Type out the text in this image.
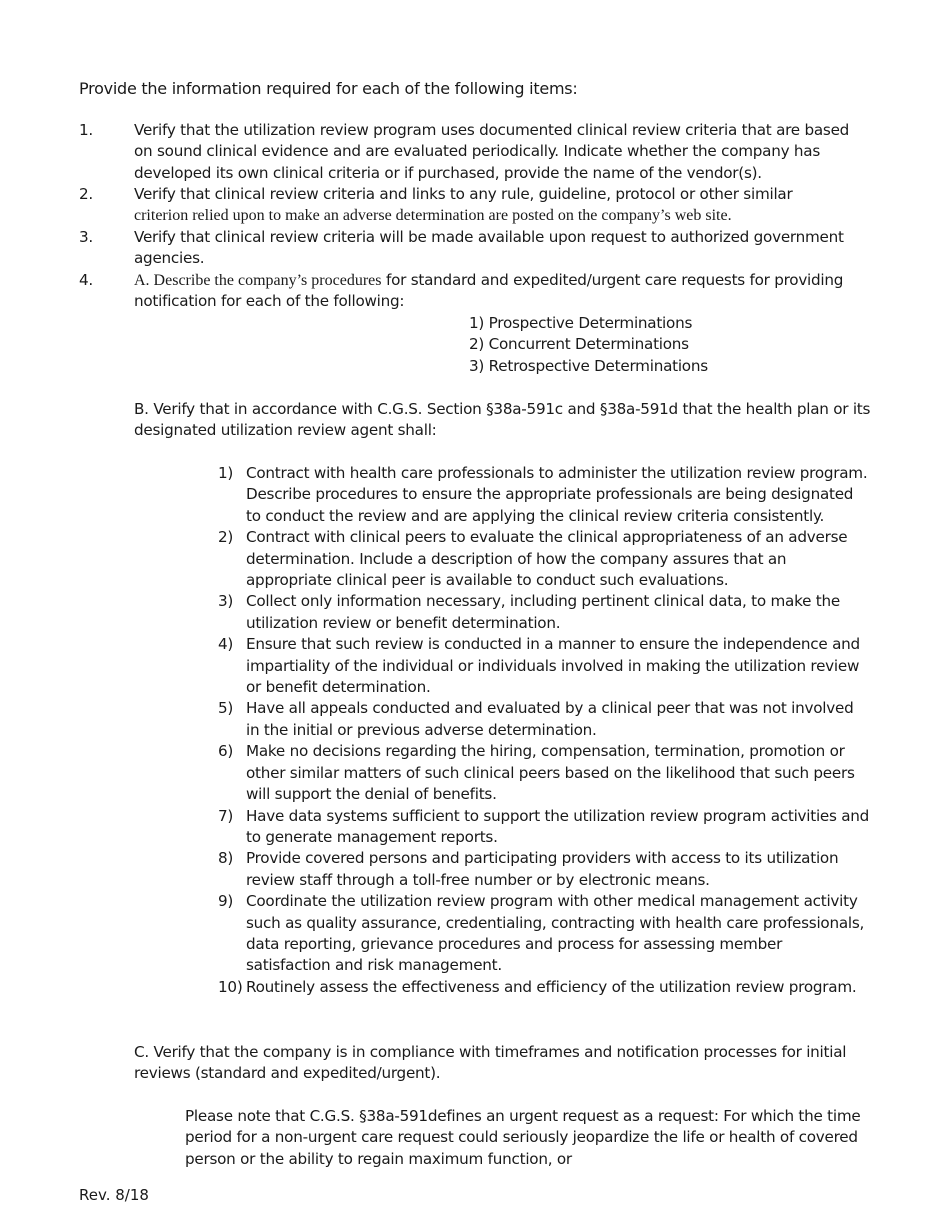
Provide the information required for each of the following items:
1.	Verify that the utilization review program uses documented clinical review criteria that are based on sound clinical evidence and are evaluated periodically. Indicate whether the company has developed its own clinical criteria or if purchased, provide the name of the vendor(s).
2.	Verify that clinical review criteria and links to any rule, guideline, protocol or other similar
criterion relied upon to make an adverse determination are posted on the company’s web site.
3.	Verify that clinical review criteria will be made available upon request to authorized government agencies.
4.	A. Describe the company’s procedures for standard and expedited/urgent care requests for providing notification for each of the following:
1) Prospective Determinations
2) Concurrent Determinations
3) Retrospective Determinations
B. Verify that in accordance with C.G.S. Section §38a-591c and §38a-591d that the health plan or its designated utilization review agent shall:
1) Contract with health care professionals to administer the utilization review program. Describe procedures to ensure the appropriate professionals are being designated to conduct the review and are applying the clinical review criteria consistently.
2) Contract with clinical peers to evaluate the clinical appropriateness of an adverse determination. Include a description of how the company assures that an appropriate clinical peer is available to conduct such evaluations.
3) Collect only information necessary, including pertinent clinical data, to make the utilization review or benefit determination.
4) Ensure that such review is conducted in a manner to ensure the independence and impartiality of the individual or individuals involved in making the utilization review or benefit determination.
5) Have all appeals conducted and evaluated by a clinical peer that was not involved in the initial or previous adverse determination.
6) Make no decisions regarding the hiring, compensation, termination, promotion or other similar matters of such clinical peers based on the likelihood that such peers will support the denial of benefits.
7) Have data systems sufficient to support the utilization review program activities and to generate management reports.
8) Provide covered persons and participating providers with access to its utilization review staff through a toll-free number or by electronic means.
9) Coordinate the utilization review program with other medical management activity such as quality assurance, credentialing, contracting with health care professionals, data reporting, grievance procedures and process for assessing member satisfaction and risk management.
10) Routinely assess the effectiveness and efficiency of the utilization review program.
C. Verify that the company is in compliance with timeframes and notification processes for initial reviews (standard and expedited/urgent).
Please note that C.G.S. §38a-591defines an urgent request as a request: For which the time period for a non-urgent care request could seriously jeopardize the life or health of covered person or the ability to regain maximum function, or
Rev. 8/18
